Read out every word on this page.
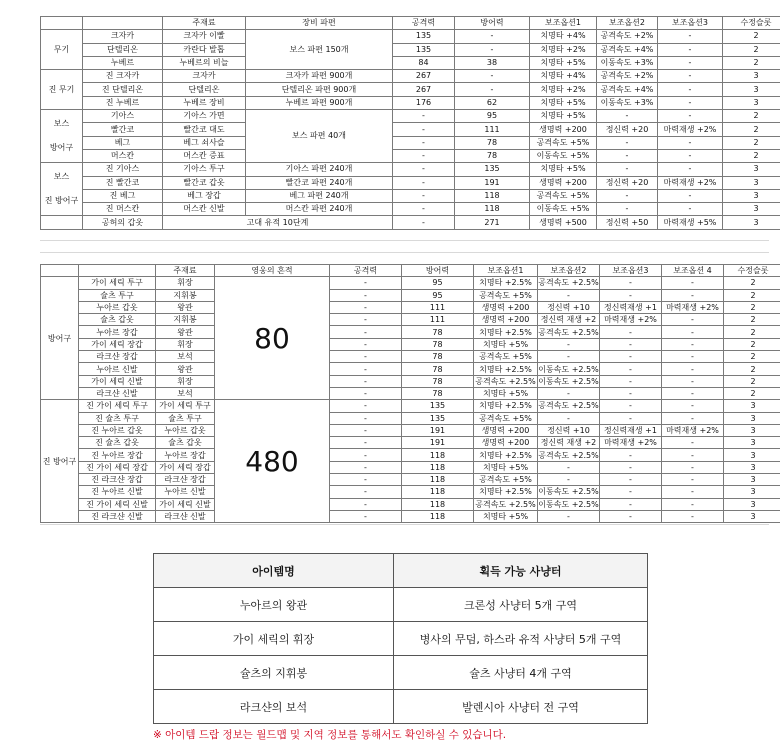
		주재료	장비 파편	공격력	방어력	보조옵션1	보조옵션2	보조옵션3	수정슬롯
무기	크자카	크자카 이빨	보스 파편 150개	135	-	치명타 +4%	공격속도 +2%	-	2
	단텔리온	카란다 발톱		135	-	치명타 +2%	공격속도 +4%	-	2
	누베르	누베르의 비늘		84	38	치명타 +5%	이동속도 +3%	-	2
진 무기	진 크자카	크자카	크자카 파편 900개	267	-	치명타 +4%	공격속도 +2%	-	3
	진 단텔리온	단텔리온	단텔리온 파편 900개	267	-	치명타 +2%	공격속도 +4%	-	3
	진 누베르	누베르 장비	누베르 파편 900개	176	62	치명타 +5%	이동속도 +3%	-	3
보스

방어구	기아스	기아스 가면	보스 파편 40개	-	95	치명타 +5%	-	-	2
	빨간코	빨간코 대도		-	111	생명력 +200	정신력 +20	마력재생 +2%	2
	베그	베그 쇠사슬		-	78	공격속도 +5%	-	-	2
	머스칸	머스칸 증표		-	78	이동속도 +5%	-	-	2
보스

진 방어구	진 기아스	기아스 투구	기아스 파편 240개	-	135	치명타 +5%	-	-	3
	진 빨간코	빨간코 갑옷	빨간코 파편 240개	-	191	생명력 +200	정신력 +20	마력재생 +2%	3
	진 베그	베그 장갑	베그 파편 240개	-	118	공격속도 +5%	-	-	3
	진 머스칸	머스칸 신발	머스칸 파편 240개	-	118	이동속도 +5%	-	-	3
	공허의 갑옷	고대 유적 10단계		-	271	생명력 +500	정신력 +50	마력재생 +5%	3
		주재료	영웅의 흔적	공격력	방어력	보조옵션1	보조옵션2	보조옵션3	보조옵션 4	수정슬롯
방어구	가이 세릭 투구	휘장	80	-	95	치명타 +2.5%	공격속도 +2.5%	-	-	2
	슐츠 투구	지휘봉		-	95	공격속도 +5%	-	-	-	2
	누아르 갑옷	왕관		-	111	생명력 +200	정신력 +10	정신력재생 +1	마력재생 +2%	2
	슐츠 갑옷	지휘봉		-	111	생명력 +200	정신력 재생 +2	마력재생 +2%	-	2
	누아르 장갑	왕관		-	78	치명타 +2.5%	공격속도 +2.5%	-	-	2
	가이 세릭 장갑	휘장		-	78	치명타 +5%	-	-	-	2
	라크샨 장갑	보석		-	78	공격속도 +5%	-	-	-	2
	누아르 신발	왕관		-	78	치명타 +2.5%	이동속도 +2.5%	-	-	2
	가이 세릭 신발	휘장		-	78	공격속도 +2.5%	이동속도 +2.5%	-	-	2
	라크샨 신발	보석		-	78	치명타 +5%	-	-	-	2
진 방어구	진 가이 세릭 투구	가이 세릭 투구	480	-	135	치명타 +2.5%	공격속도 +2.5%	-	-	3
	진 슐츠 투구	슐츠 투구		-	135	공격속도 +5%	-	-	-	3
	진 누아르 갑옷	누아르 갑옷		-	191	생명력 +200	정신력 +10	정신력재생 +1	마력재생 +2%	3
	진 슐츠 갑옷	슐츠 갑옷		-	191	생명력 +200	정신력 재생 +2	마력재생 +2%	-	3
	진 누아르 장갑	누아르 장갑		-	118	치명타 +2.5%	공격속도 +2.5%	-	-	3
	진 가이 세릭 장갑	가이 세릭 장갑		-	118	치명타 +5%	-	-	-	3
	진 라크샨 장갑	라크샨 장갑		-	118	공격속도 +5%	-	-	-	3
	진 누아르 신발	누아르 신발		-	118	치명타 +2.5%	이동속도 +2.5%	-	-	3
	진 가이 세릭 신발	가이 세릭 신발		-	118	공격속도 +2.5%	이동속도 +2.5%	-	-	3
	진 라크샨 신발	라크샨 신발		-	118	치명타 +5%	-	-	-	3
아이템명	획득 가능 사냥터
누아르의 왕관	크론성 사냥터 5개 구역
가이 세릭의 휘장	병사의 무덤, 하스라 유적 사냥터 5개 구역
슐츠의 지휘봉	슐츠 사냥터 4개 구역
라크샨의 보석	발렌시아 사냥터 전 구역
※ 아이템 드랍 정보는 월드맵 및 지역 정보를 통해서도 확인하실 수 있습니다.
